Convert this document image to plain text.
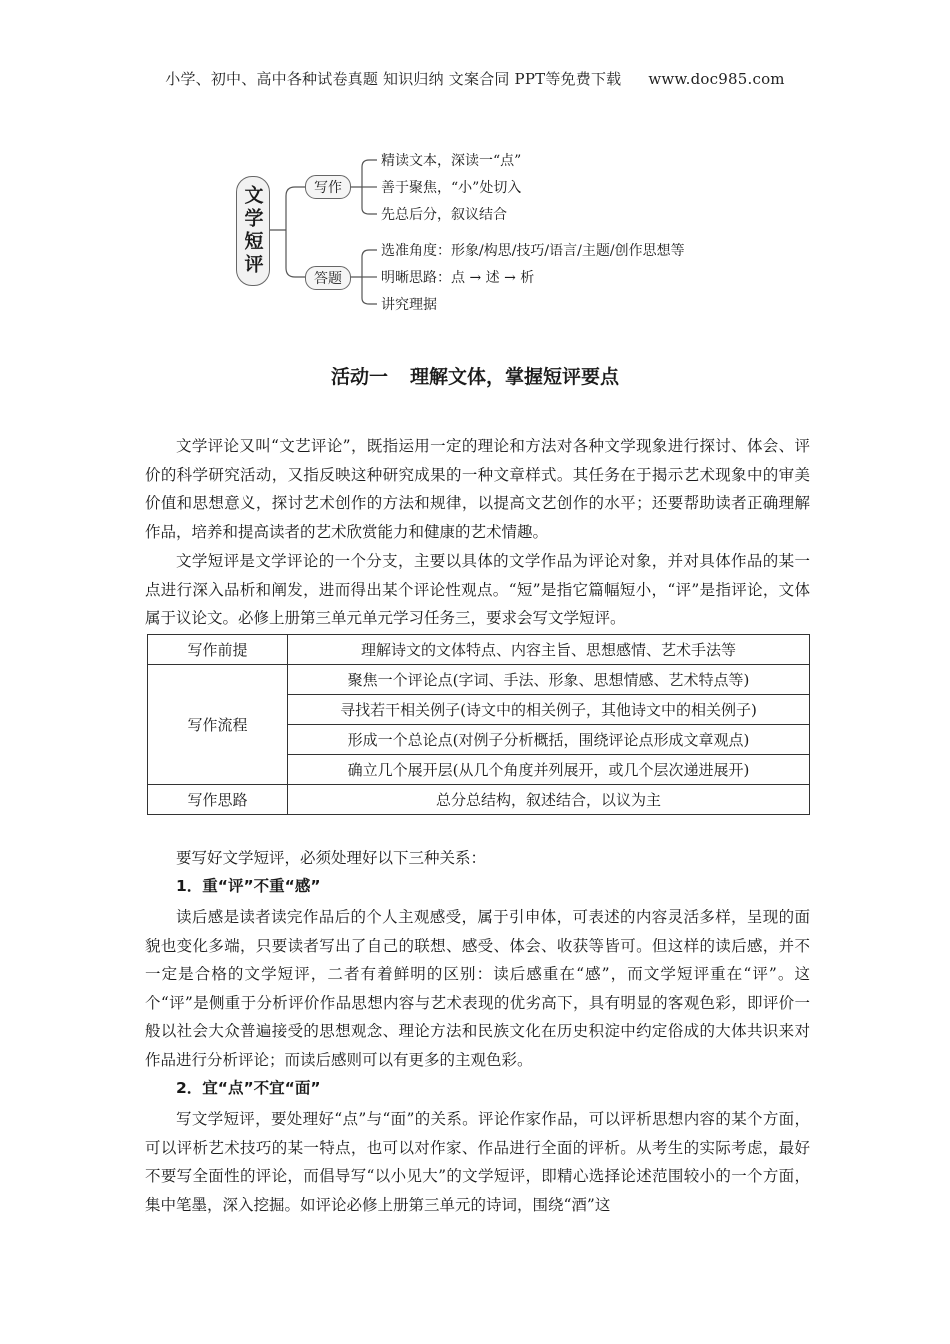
小学、初中、高中各种试卷真题 知识归纳 文案合同 PPT等免费下载 www.doc985.com
文学短评	写作
答题
精读文本，深读一“点”
善于聚焦，“小”处切入
先总后分，叙议结合
选准角度：形象/构思/技巧/语言/主题/创作思想等
明晰思路：点 → 述 → 析
讲究理据
活动一 理解文体，掌握短评要点

文学评论又叫“文艺评论”，既指运用一定的理论和方法对各种文学现象进行探讨、体会、评价的科学研究活动，又指反映这种研究成果的一种文章样式。其任务在于揭示艺术现象中的审美价值和思想意义，探讨艺术创作的方法和规律，以提高文艺创作的水平；还要帮助读者正确理解作品，培养和提高读者的艺术欣赏能力和健康的艺术情趣。

文学短评是文学评论的一个分支，主要以具体的文学作品为评论对象，并对具体作品的某一点进行深入品析和阐发，进而得出某个评论性观点。“短”是指它篇幅短小，“评”是指评论，文体属于议论文。必修上册第三单元单元学习任务三，要求会写文学短评。

写作前提	理解诗文的文体特点、内容主旨、思想感情、艺术手法等
写作流程	聚焦一个评论点(字词、手法、形象、思想情感、艺术特点等)
	寻找若干相关例子(诗文中的相关例子，其他诗文中的相关例子)
	形成一个总论点(对例子分析概括，围绕评论点形成文章观点)
	确立几个展开层(从几个角度并列展开，或几个层次递进展开)
写作思路	总分总结构，叙述结合，以议为主

要写好文学短评，必须处理好以下三种关系：

1．重“评”不重“感”

读后感是读者读完作品后的个人主观感受，属于引申体，可表述的内容灵活多样，呈现的面貌也变化多端，只要读者写出了自己的联想、感受、体会、收获等皆可。但这样的读后感，并不一定是合格的文学短评，二者有着鲜明的区别：读后感重在“感”，而文学短评重在“评”。这个“评”是侧重于分析评价作品思想内容与艺术表现的优劣高下，具有明显的客观色彩，即评价一般以社会大众普遍接受的思想观念、理论方法和民族文化在历史积淀中约定俗成的大体共识来对作品进行分析评论；而读后感则可以有更多的主观色彩。

2．宜“点”不宜“面”

写文学短评，要处理好“点”与“面”的关系。评论作家作品，可以评析思想内容的某个方面，可以评析艺术技巧的某一特点，也可以对作家、作品进行全面的评析。从考生的实际考虑，最好不要写全面性的评论，而倡导写“以小见大”的文学短评，即精心选择论述范围较小的一个方面，集中笔墨，深入挖掘。如评论必修上册第三单元的诗词，围绕“酒”这
